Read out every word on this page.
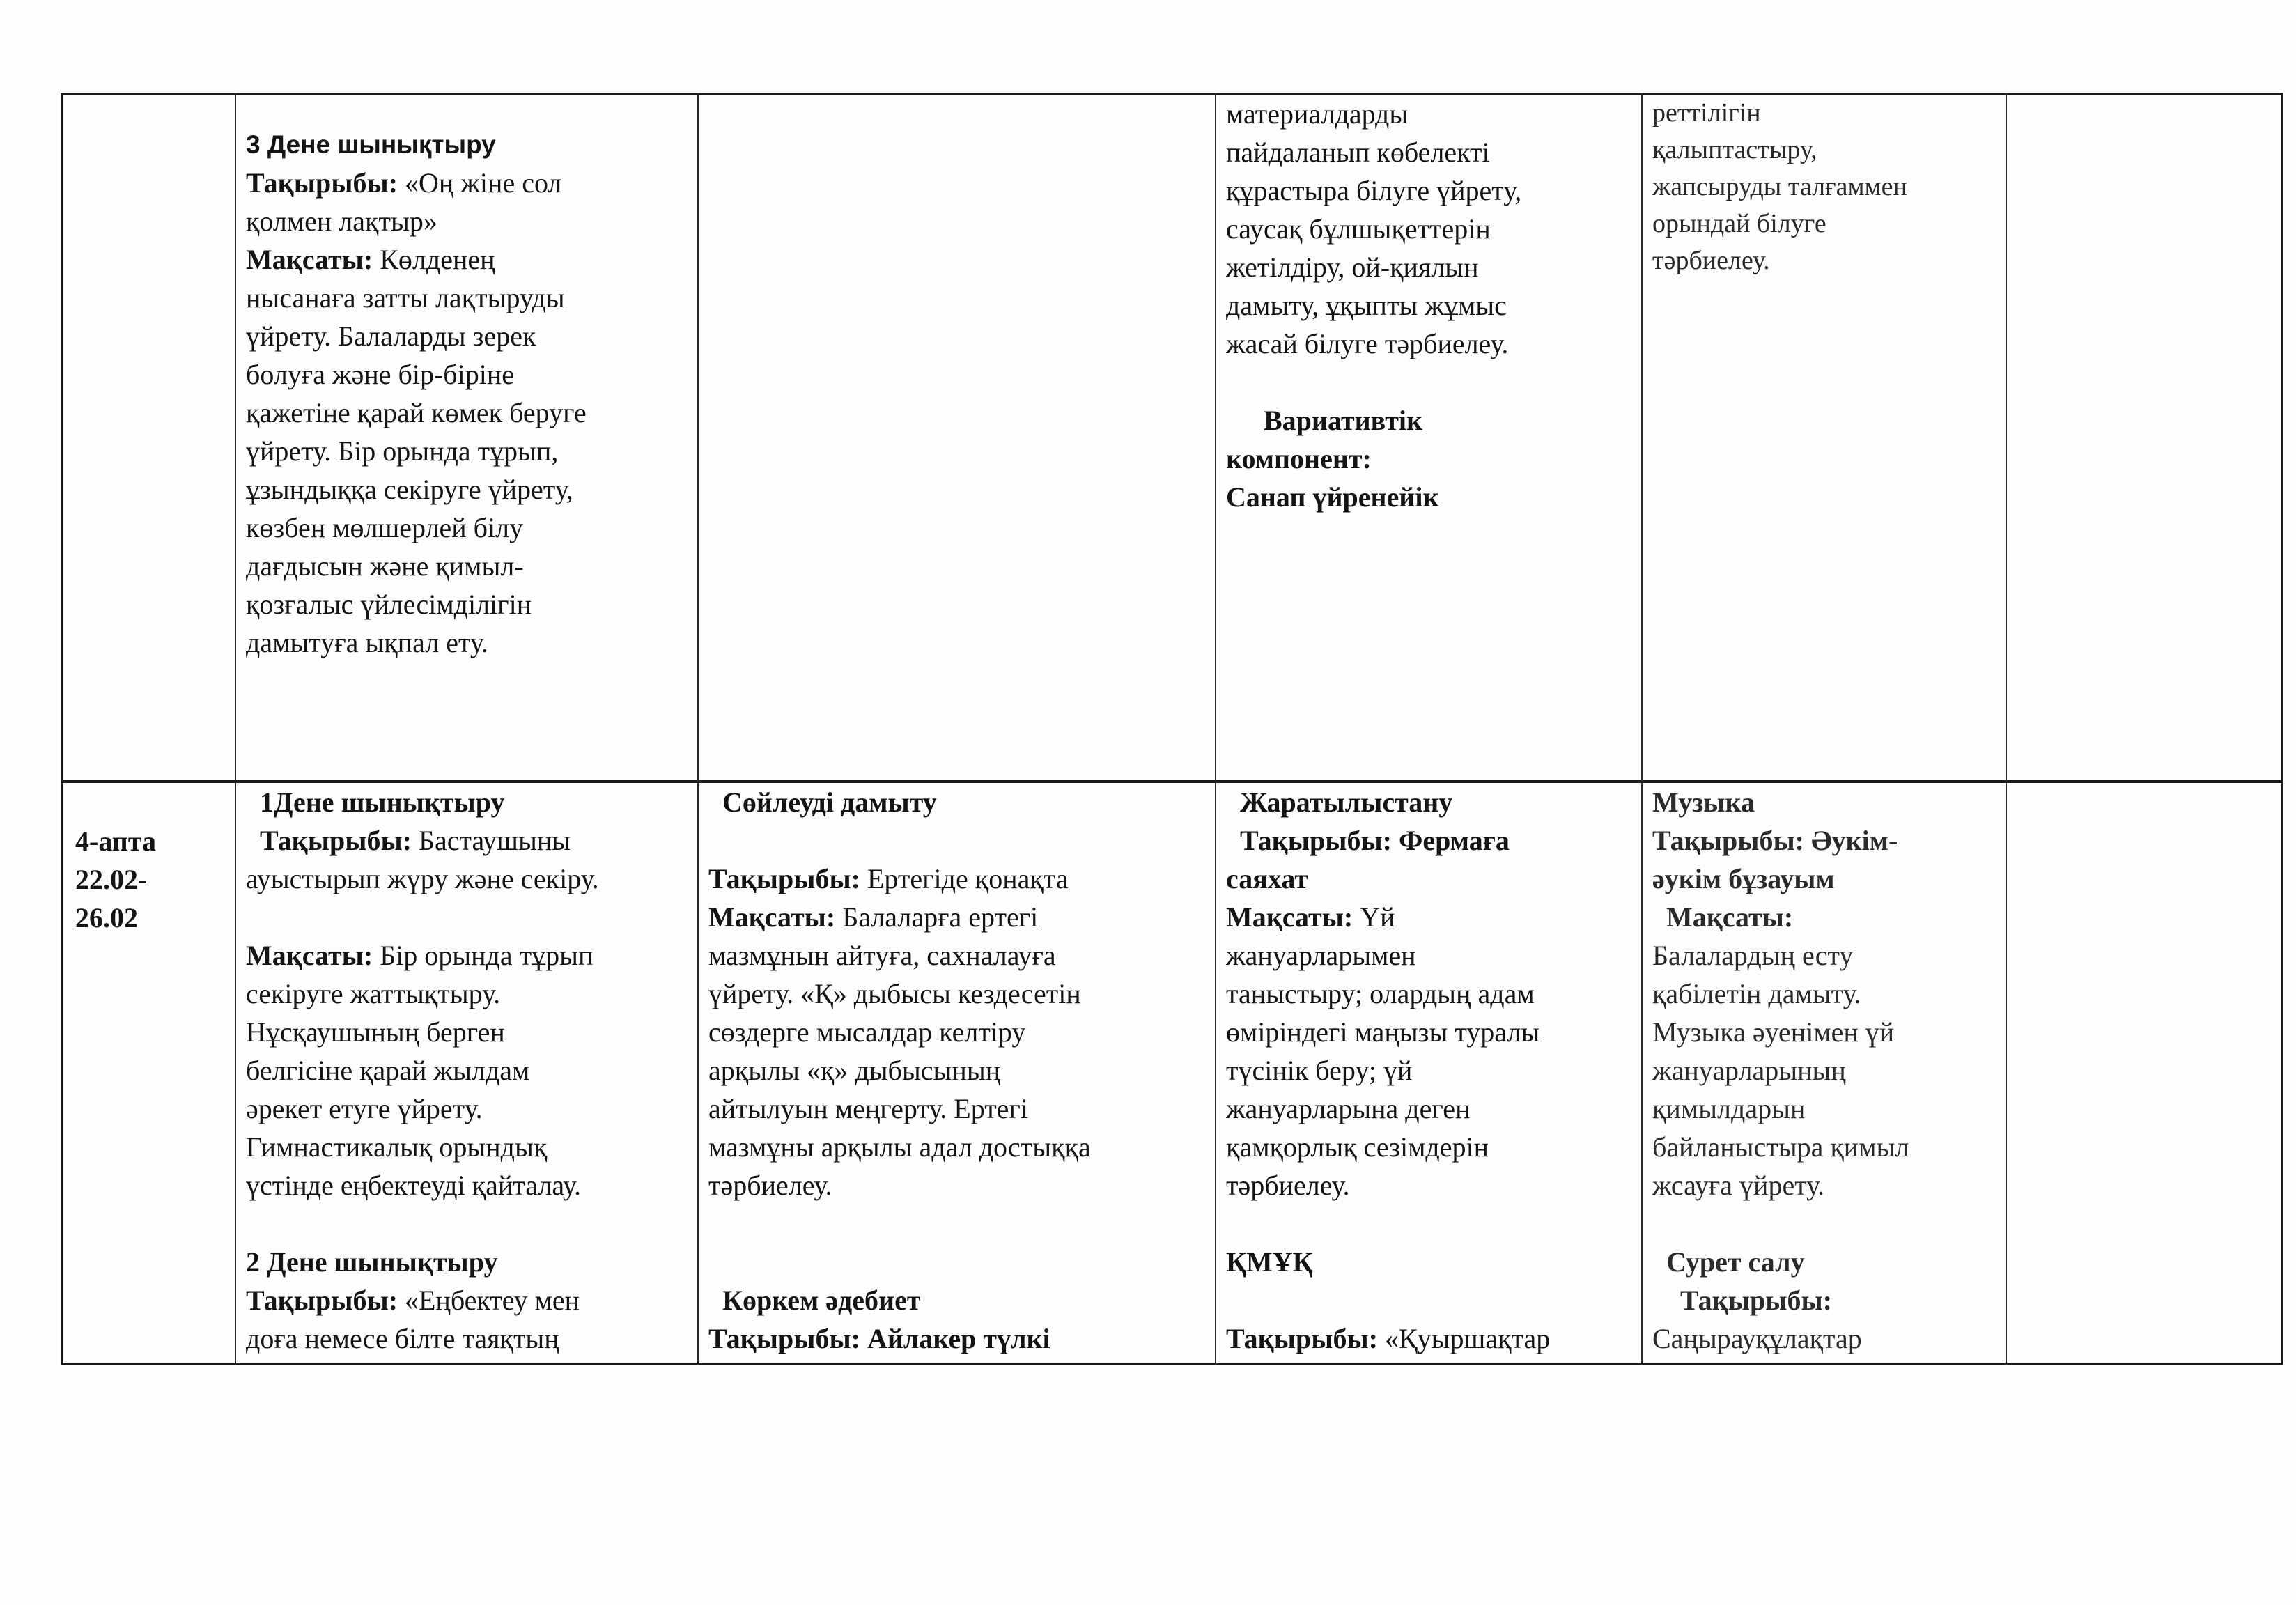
3 Дене шынықтыру

Тақырыбы: «Оң жіне сол

қолмен лақтыр»

Мақсаты: Көлденең

нысанаға затты лақтыруды

үйрету. Балаларды зерек

болуға және бір-біріне

қажетіне қарай көмек беруге

үйрету. Бір орында тұрып,

ұзындыққа секіруге үйрету,

көзбен мөлшерлей білу

дағдысын және қимыл-

қозғалыс үйлесімділігін

дамытуға ықпал ету.

материалдарды

пайдаланып көбелекті

құрастыра білуге үйрету,

саусақ бұлшықеттерін

жетілдіру, ой-қиялын

дамыту, ұқыпты жұмыс

жасай білуге тәрбиелеу.

Вариативтік

компонент:

Санап үйренейік

реттілігін

қалыптастыру,

жапсыруды талғаммен

орындай білуге

тәрбиелеу.

4-апта

22.02-

26.02

1Дене шынықтыру

Тақырыбы: Бастаушыны

ауыстырып жүру және секіру.

Мақсаты: Бір орында тұрып

секіруге жаттықтыру.

Нұсқаушының берген

белгісіне қарай жылдам

әрекет етуге үйрету.

Гимнастикалық орындық

үстінде еңбектеуді қайталау.

2 Дене шынықтыру

Тақырыбы: «Еңбектеу мен

доға немесе білте таяқтың

Сөйлеуді дамыту

Тақырыбы: Ертегіде қонақта

Мақсаты: Балаларға ертегі

мазмұнын айтуға, сахналауға

үйрету. «Қ» дыбысы кездесетін

сөздерге мысалдар келтіру

арқылы «қ» дыбысының

айтылуын меңгерту. Ертегі

мазмұны арқылы адал достыққа

тәрбиелеу.

Көркем әдебиет

Тақырыбы: Айлакер түлкі

Жаратылыстану

Тақырыбы: Фермаға

саяхат

Мақсаты: Үй

жануарларымен

таныстыру; олардың адам

өміріндегі маңызы туралы

түсінік беру; үй

жануарларына деген

қамқорлық сезімдерін

тәрбиелеу.

ҚМҰҚ

Тақырыбы: «Қуыршақтар

Музыка

Тақырыбы: Әукім-

әукім бұзауым

Мақсаты:

Балалардың есту

қабілетін дамыту.

Музыка әуенімен үй

жануарларының

қимылдарын

байланыстыра қимыл

жсауға үйрету.

Сурет салу

Тақырыбы:

Саңырауқұлақтар
